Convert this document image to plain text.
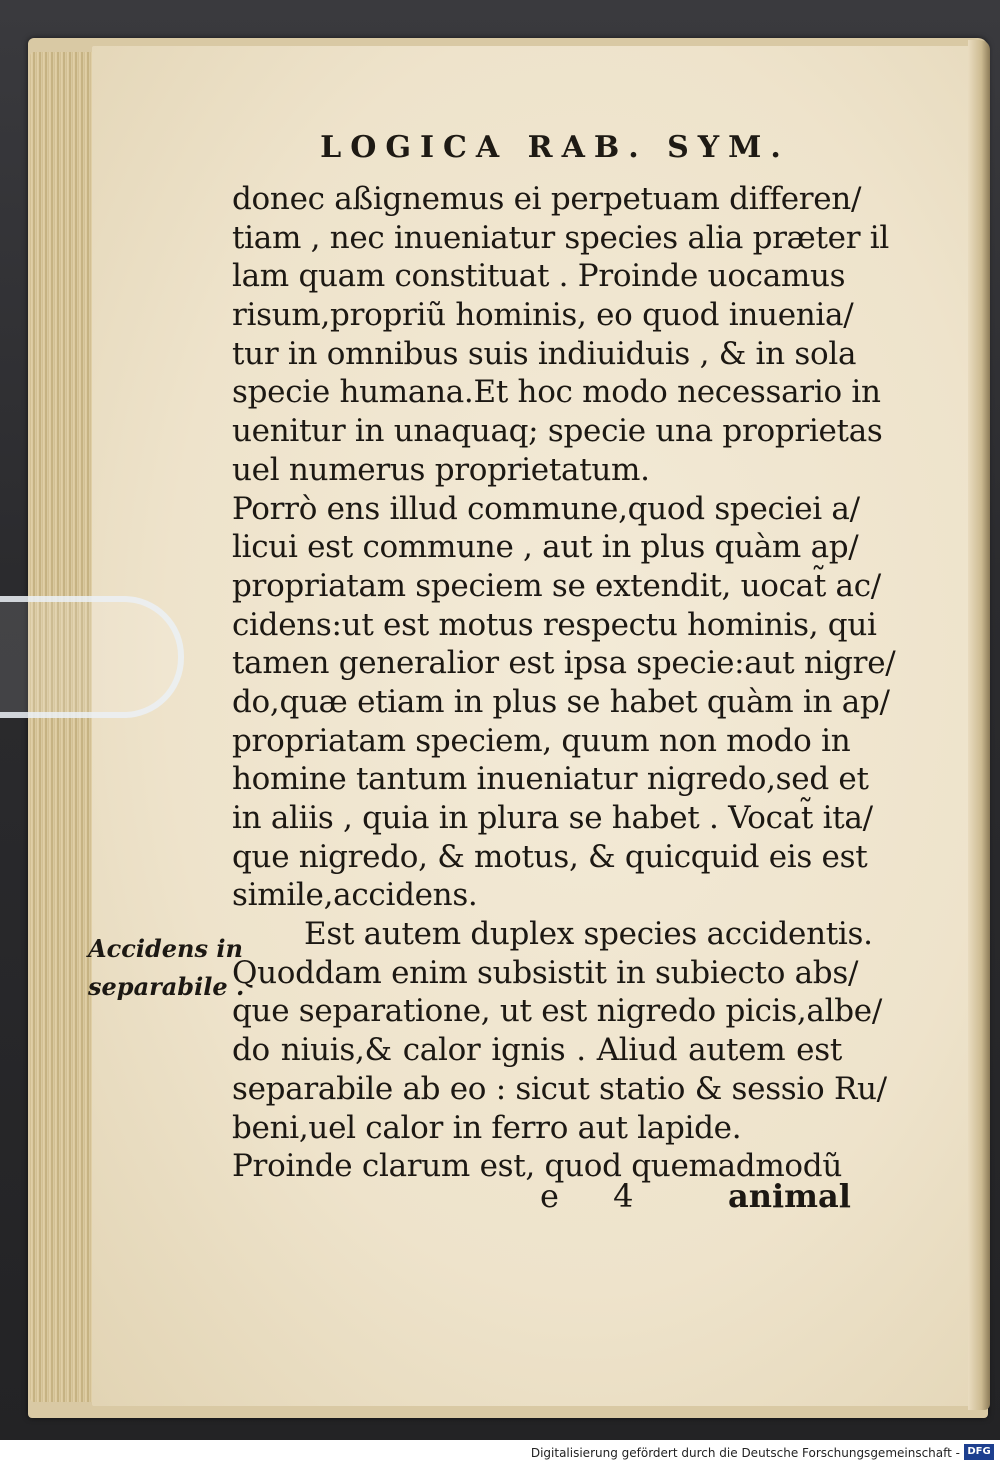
LOGICA RAB. SYM.
donec aßignemus ei perpetuam differen/
tiam , nec inueniatur species alia præter il
lam quam constituat . Proinde uocamus
risum,propriũ hominis, eo quod inuenia/
tur in omnibus suis indiuiduis , & in sola
specie humana.Et hoc modo necessario in
uenitur in unaquaq; specie una proprietas
uel numerus proprietatum.
Porrò ens illud commune,quod speciei a/
licui est commune , aut in plus quàm ap/
propriatam speciem se extendit, uocat̃ ac/
cidens:ut est motus respectu hominis, qui
tamen generalior est ipsa specie:aut nigre/
do,quæ etiam in plus se habet quàm in ap/
propriatam speciem, quum non modo in
homine tantum inueniatur nigredo,sed et
in aliis , quia in plura se habet . Vocat̃ ita/
que nigredo, & motus, & quicquid eis est
simile,accidens.
Est autem duplex species accidentis.
Quoddam enim subsistit in subiecto abs/
que separatione, ut est nigredo picis,albe/
do niuis,& calor ignis . Aliud autem est
separabile ab eo : sicut statio & sessio Ru/
beni,uel calor in ferro aut lapide.
Proinde clarum est, quod quemadmodũ
e 4 animal
Accidens in
separabile .
Digitalisierung gefördert durch die Deutsche Forschungsgemeinschaft - DFG
